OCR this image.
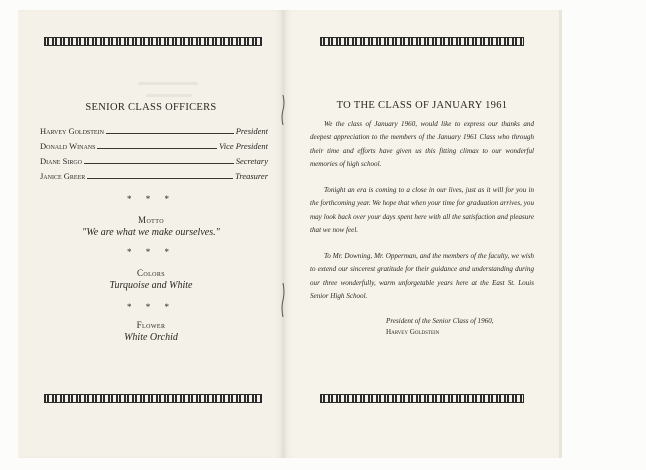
SENIOR CLASS OFFICERS
Harvey Goldstein	President
Donald Winans	Vice President
Diane Sirgo	Secretary
Janice Greer	Treasurer
* * *
Motto
"We are what we make ourselves."
* * *
Colors
Turquoise and White
* * *
Flower
White Orchid
TO THE CLASS OF JANUARY 1961
We the class of January 1960, would like to express our thanks and deepest appreciation to the members of the January 1961 Class who through their time and efforts have given us this fitting climax to our wonderful memories of high school.
Tonight an era is coming to a close in our lives, just as it will for you in the forthcoming year. We hope that when your time for graduation arrives, you may look back over your days spent here with all the satisfaction and pleasure that we now feel.
To Mr. Downing, Mr. Opperman, and the members of the faculty, we wish to extend our sincerest gratitude for their guidance and understanding during our three wonderfully, warm unforgetable years here at the East St. Louis Senior High School.
President of the Senior Class of 1960,
Harvey Goldstein
